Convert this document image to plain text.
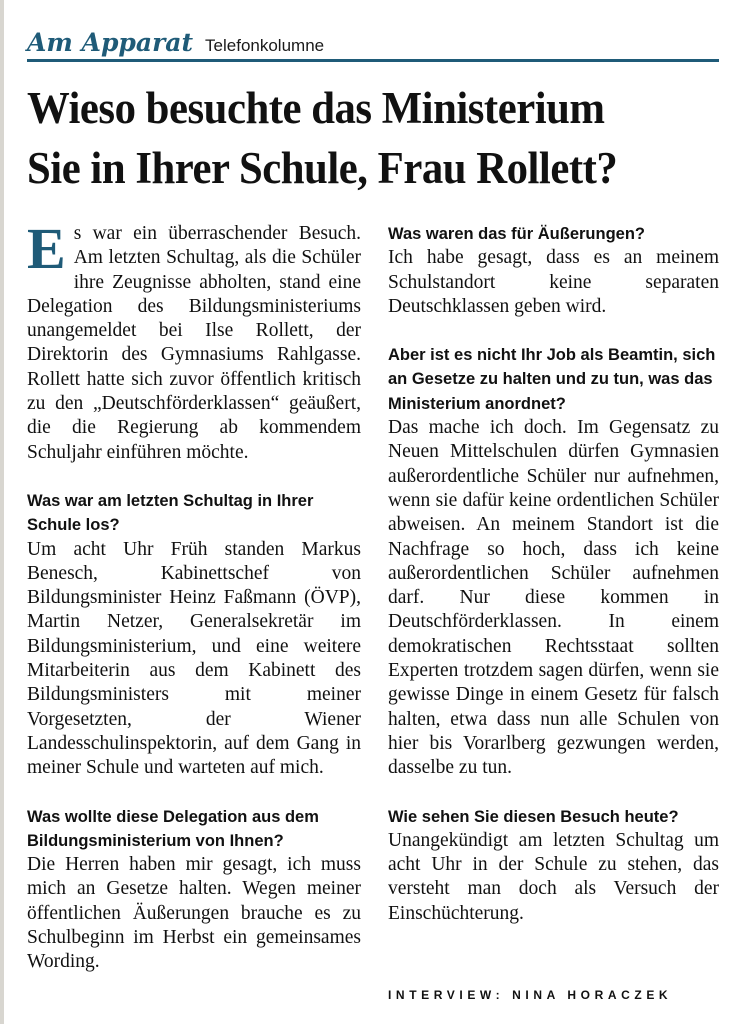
Am Apparat Telefonkolumne
Wieso besuchte das Ministerium
Sie in Ihrer Schule, Frau Rollett?

Es war ein überraschender Besuch. Am letzten Schultag, als die Schüler ihre Zeugnisse abholten, stand eine Delegation des Bildungsministeriums unangemeldet bei Ilse Rollett, der Direktorin des Gymnasiums Rahlgasse. Rollett hatte sich zuvor öffentlich kritisch zu den „Deutschförderklassen“ geäußert, die die Regierung ab kommendem Schuljahr einführen möchte.

Was war am letzten Schultag in Ihrer Schule los?

Um acht Uhr Früh standen Markus Benesch, Kabinettschef von Bildungsminister Heinz Faßmann (ÖVP), Martin Netzer, Generalsekretär im Bildungsministerium, und eine weitere Mitarbeiterin aus dem Kabinett des Bildungsministers mit meiner Vorgesetzten, der Wiener Landesschulinspektorin, auf dem Gang in meiner Schule und warteten auf mich.

Was wollte diese Delegation aus dem Bildungsministerium von Ihnen?

Die Herren haben mir gesagt, ich muss mich an Gesetze halten. Wegen meiner öffentlichen Äußerungen brauche es zu Schulbeginn im Herbst ein gemeinsames Wording.

Was waren das für Äußerungen?

Ich habe gesagt, dass es an meinem Schulstandort keine separaten Deutschklassen geben wird.

Aber ist es nicht Ihr Job als Beamtin, sich an Gesetze zu halten und zu tun, was das Ministerium anordnet?

Das mache ich doch. Im Gegensatz zu Neuen Mittelschulen dürfen Gymnasien außerordentliche Schüler nur aufnehmen, wenn sie dafür keine ordentlichen Schüler abweisen. An meinem Standort ist die Nachfrage so hoch, dass ich keine außerordentlichen Schüler aufnehmen darf. Nur diese kommen in Deutschförderklassen. In einem demokratischen Rechtsstaat sollten Experten trotzdem sagen dürfen, wenn sie gewisse Dinge in einem Gesetz für falsch halten, etwa dass nun alle Schulen von hier bis Vorarlberg gezwungen werden, dasselbe zu tun.

Wie sehen Sie diesen Besuch heute?

Unangekündigt am letzten Schultag um acht Uhr in der Schule zu stehen, das versteht man doch als Versuch der Einschüchterung.

INTERVIEW: NINA HORACZEK
